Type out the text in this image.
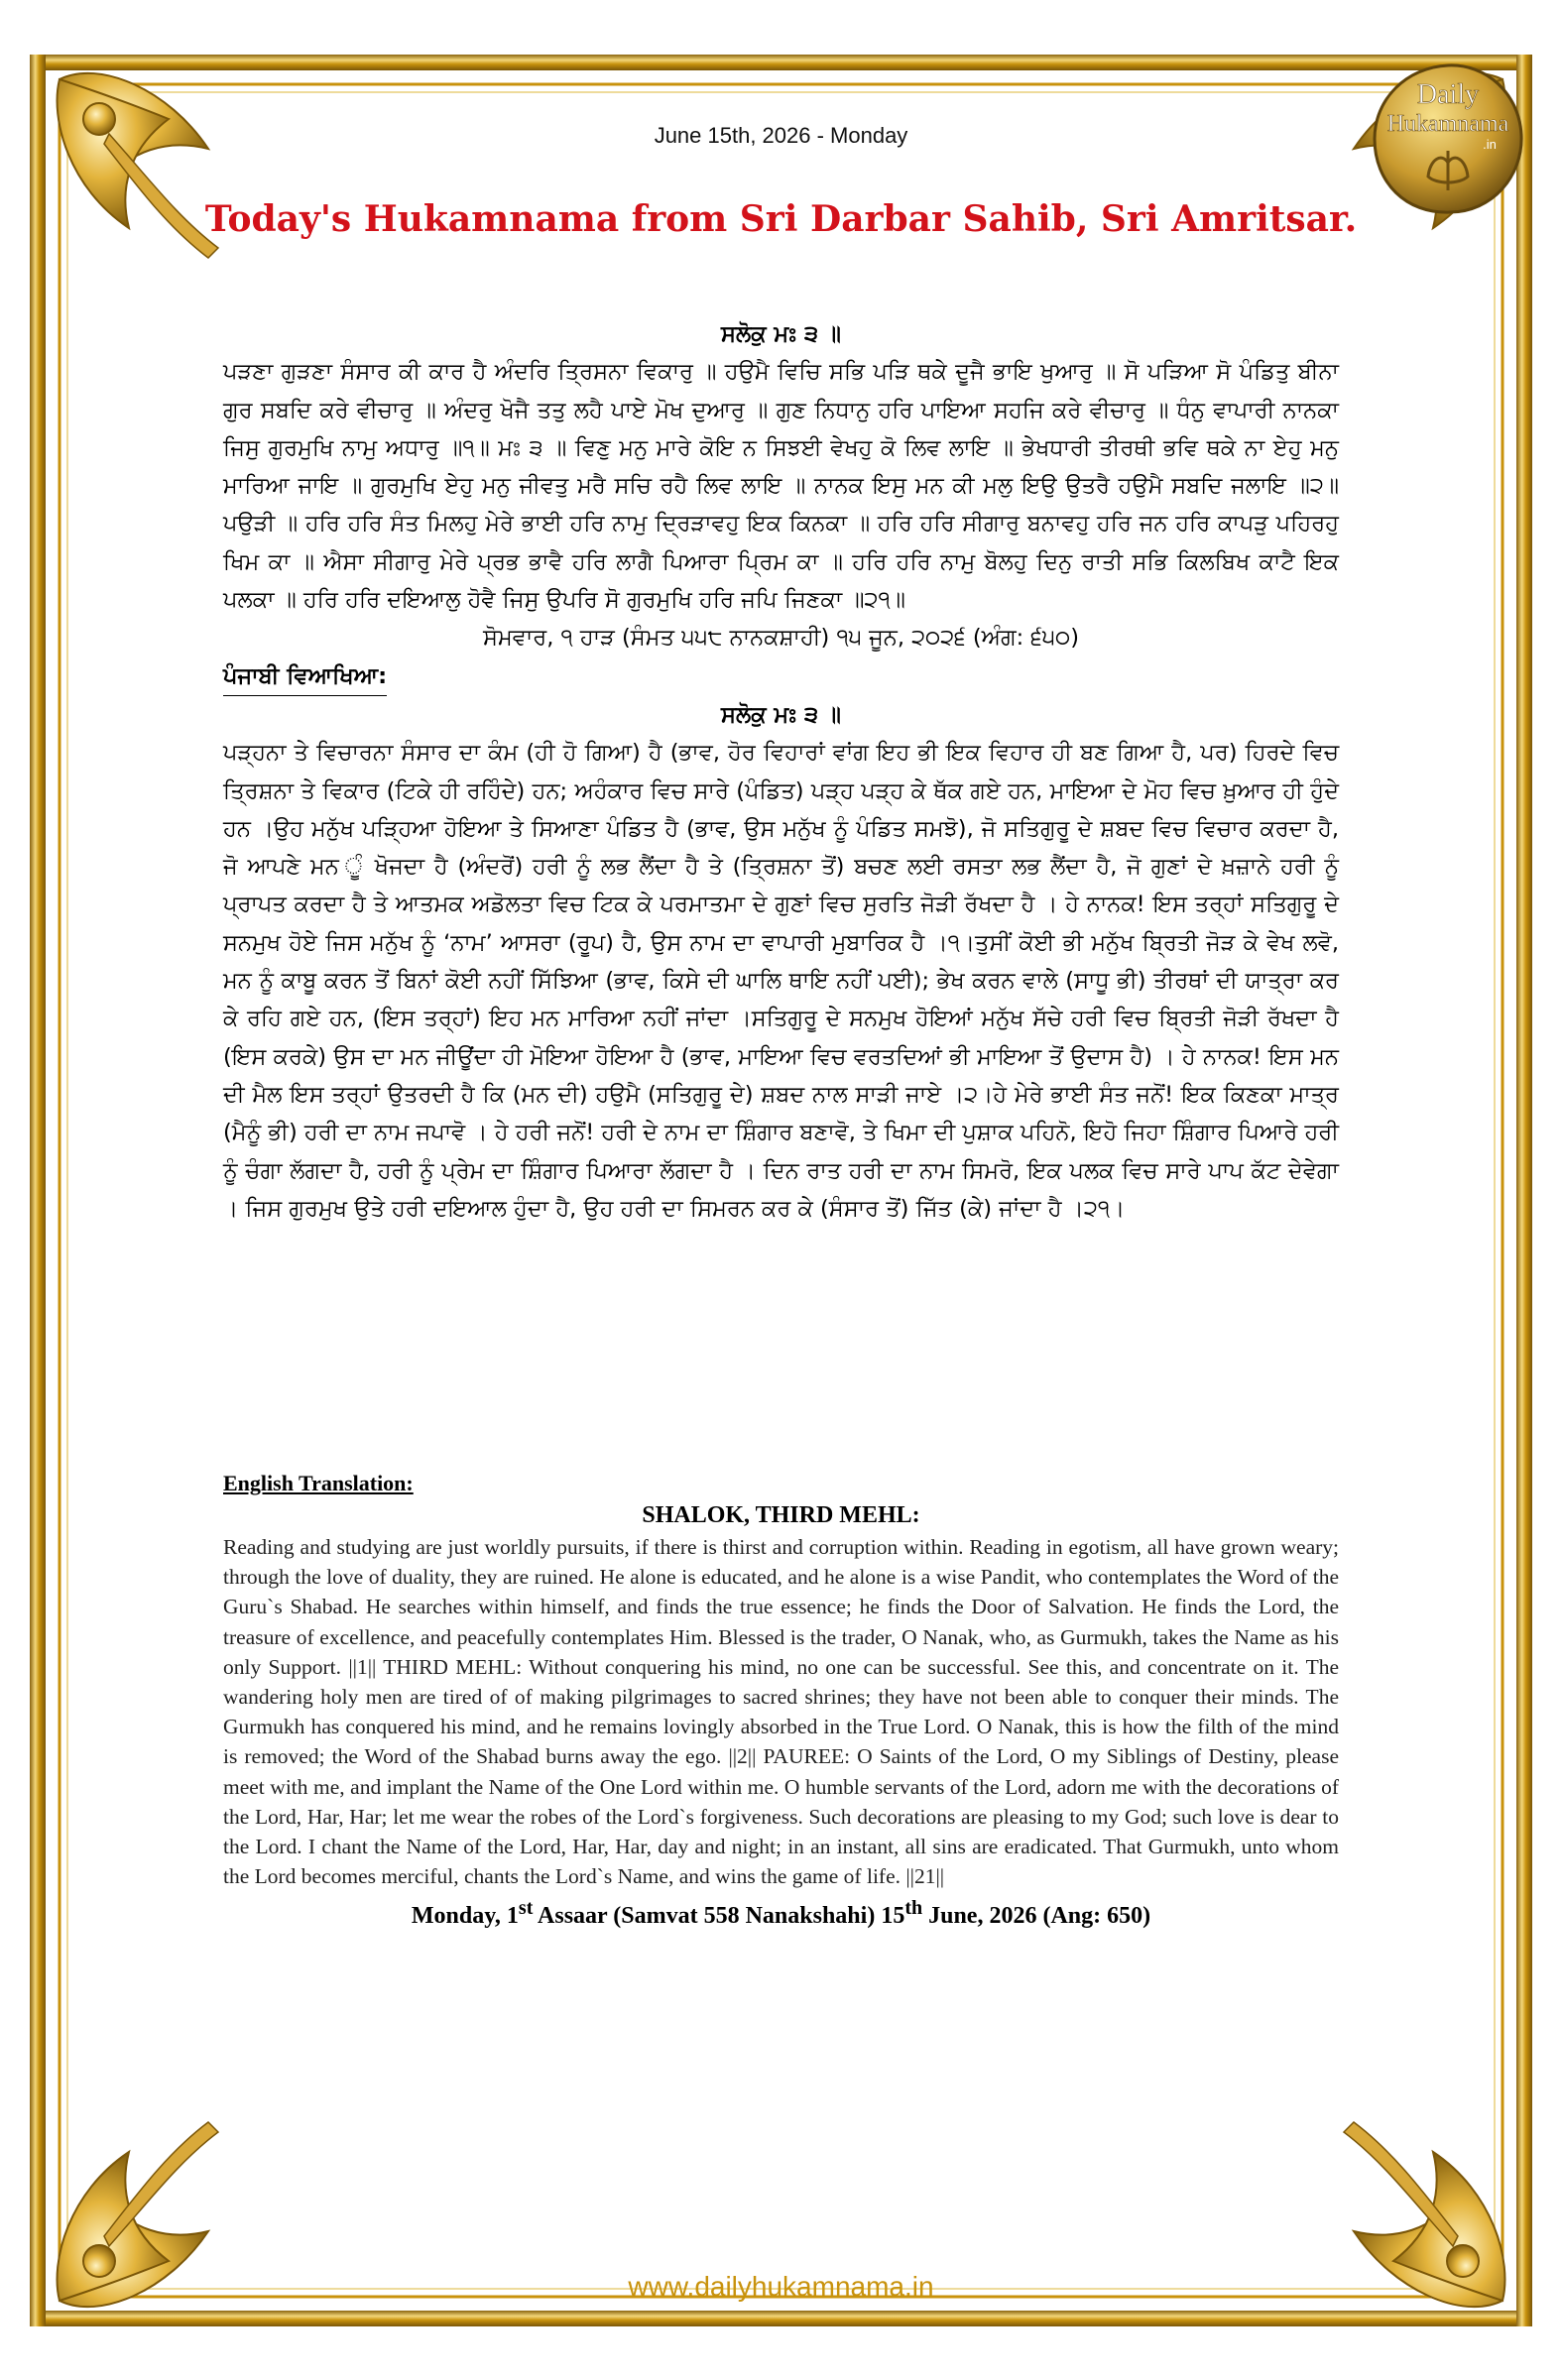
Daily
Hukamnama
.in
June 15th, 2026 - Monday
Today's Hukamnama from Sri Darbar Sahib, Sri Amritsar.

ਸਲੋਕੁ ਮਃ ੩ ॥

ਪੜਣਾ ਗੁੜਣਾ ਸੰਸਾਰ ਕੀ ਕਾਰ ਹੈ ਅੰਦਰਿ ਤ੍ਰਿਸਨਾ ਵਿਕਾਰੁ ॥ ਹਉਮੈ ਵਿਚਿ ਸਭਿ ਪੜਿ ਥਕੇ ਦੂਜੈ ਭਾਇ ਖੁਆਰੁ ॥ ਸੋ ਪੜਿਆ ਸੋ ਪੰਡਿਤੁ ਬੀਨਾ ਗੁਰ ਸਬਦਿ ਕਰੇ ਵੀਚਾਰੁ ॥ ਅੰਦਰੁ ਖੋਜੈ ਤਤੁ ਲਹੈ ਪਾਏ ਮੋਖ ਦੁਆਰੁ ॥ ਗੁਣ ਨਿਧਾਨੁ ਹਰਿ ਪਾਇਆ ਸਹਜਿ ਕਰੇ ਵੀਚਾਰੁ ॥ ਧੰਨੁ ਵਾਪਾਰੀ ਨਾਨਕਾ ਜਿਸੁ ਗੁਰਮੁਖਿ ਨਾਮੁ ਅਧਾਰੁ ॥੧॥ ਮਃ ੩ ॥ ਵਿਣੁ ਮਨੁ ਮਾਰੇ ਕੋਇ ਨ ਸਿਝਈ ਵੇਖਹੁ ਕੋ ਲਿਵ ਲਾਇ ॥ ਭੇਖਧਾਰੀ ਤੀਰਥੀ ਭਵਿ ਥਕੇ ਨਾ ਏਹੁ ਮਨੁ ਮਾਰਿਆ ਜਾਇ ॥ ਗੁਰਮੁਖਿ ਏਹੁ ਮਨੁ ਜੀਵਤੁ ਮਰੈ ਸਚਿ ਰਹੈ ਲਿਵ ਲਾਇ ॥ ਨਾਨਕ ਇਸੁ ਮਨ ਕੀ ਮਲੁ ਇਉ ਉਤਰੈ ਹਉਮੈ ਸਬਦਿ ਜਲਾਇ ॥੨॥ ਪਉੜੀ ॥ ਹਰਿ ਹਰਿ ਸੰਤ ਮਿਲਹੁ ਮੇਰੇ ਭਾਈ ਹਰਿ ਨਾਮੁ ਦ੍ਰਿੜਾਵਹੁ ਇਕ ਕਿਨਕਾ ॥ ਹਰਿ ਹਰਿ ਸੀਗਾਰੁ ਬਨਾਵਹੁ ਹਰਿ ਜਨ ਹਰਿ ਕਾਪੜੁ ਪਹਿਰਹੁ ਖਿਮ ਕਾ ॥ ਐਸਾ ਸੀਗਾਰੁ ਮੇਰੇ ਪ੍ਰਭ ਭਾਵੈ ਹਰਿ ਲਾਗੈ ਪਿਆਰਾ ਪ੍ਰਿਮ ਕਾ ॥ ਹਰਿ ਹਰਿ ਨਾਮੁ ਬੋਲਹੁ ਦਿਨੁ ਰਾਤੀ ਸਭਿ ਕਿਲਬਿਖ ਕਾਟੈ ਇਕ ਪਲਕਾ ॥ ਹਰਿ ਹਰਿ ਦਇਆਲੁ ਹੋਵੈ ਜਿਸੁ ਉਪਰਿ ਸੋ ਗੁਰਮੁਖਿ ਹਰਿ ਜਪਿ ਜਿਣਕਾ ॥੨੧॥

ਸੋਮਵਾਰ, ੧ ਹਾੜ (ਸੰਮਤ ੫੫੮ ਨਾਨਕਸ਼ਾਹੀ) ੧੫ ਜੂਨ, ੨੦੨੬ (ਅੰਗ: ੬੫੦)

ਪੰਜਾਬੀ ਵਿਆਖਿਆ:

ਸਲੋਕੁ ਮਃ ੩ ॥

ਪੜ੍ਹਨਾ ਤੇ ਵਿਚਾਰਨਾ ਸੰਸਾਰ ਦਾ ਕੰਮ (ਹੀ ਹੋ ਗਿਆ) ਹੈ (ਭਾਵ, ਹੋਰ ਵਿਹਾਰਾਂ ਵਾਂਗ ਇਹ ਭੀ ਇਕ ਵਿਹਾਰ ਹੀ ਬਣ ਗਿਆ ਹੈ, ਪਰ) ਹਿਰਦੇ ਵਿਚ ਤ੍ਰਿਸ਼ਨਾ ਤੇ ਵਿਕਾਰ (ਟਿਕੇ ਹੀ ਰਹਿੰਦੇ) ਹਨ; ਅਹੰਕਾਰ ਵਿਚ ਸਾਰੇ (ਪੰਡਿਤ) ਪੜ੍ਹ ਪੜ੍ਹ ਕੇ ਥੱਕ ਗਏ ਹਨ, ਮਾਇਆ ਦੇ ਮੋਹ ਵਿਚ ਖ਼ੁਆਰ ਹੀ ਹੁੰਦੇ ਹਨ ।ਉਹ ਮਨੁੱਖ ਪੜ੍ਹਿਆ ਹੋਇਆ ਤੇ ਸਿਆਣਾ ਪੰਡਿਤ ਹੈ (ਭਾਵ, ਉਸ ਮਨੁੱਖ ਨੂੰ ਪੰਡਿਤ ਸਮਝੋ), ਜੋ ਸਤਿਗੁਰੂ ਦੇ ਸ਼ਬਦ ਵਿਚ ਵਿਚਾਰ ਕਰਦਾ ਹੈ, ਜੋ ਆਪਣੇ ਮਨ ੂੰ ਖੋਜਦਾ ਹੈ (ਅੰਦਰੋਂ) ਹਰੀ ਨੂੰ ਲਭ ਲੈਂਦਾ ਹੈ ਤੇ (ਤ੍ਰਿਸ਼ਨਾ ਤੋਂ) ਬਚਣ ਲਈ ਰਸਤਾ ਲਭ ਲੈਂਦਾ ਹੈ, ਜੋ ਗੁਣਾਂ ਦੇ ਖ਼ਜ਼ਾਨੇ ਹਰੀ ਨੂੰ ਪ੍ਰਾਪਤ ਕਰਦਾ ਹੈ ਤੇ ਆਤਮਕ ਅਡੋਲਤਾ ਵਿਚ ਟਿਕ ਕੇ ਪਰਮਾਤਮਾ ਦੇ ਗੁਣਾਂ ਵਿਚ ਸੁਰਤਿ ਜੋੜੀ ਰੱਖਦਾ ਹੈ । ਹੇ ਨਾਨਕ! ਇਸ ਤਰ੍ਹਾਂ ਸਤਿਗੁਰੂ ਦੇ ਸਨਮੁਖ ਹੋਏ ਜਿਸ ਮਨੁੱਖ ਨੂੰ ‘ਨਾਮ’ ਆਸਰਾ (ਰੂਪ) ਹੈ, ਉਸ ਨਾਮ ਦਾ ਵਾਪਾਰੀ ਮੁਬਾਰਿਕ ਹੈ ।੧।ਤੁਸੀਂ ਕੋਈ ਭੀ ਮਨੁੱਖ ਬ੍ਰਿਤੀ ਜੋੜ ਕੇ ਵੇਖ ਲਵੋ, ਮਨ ਨੂੰ ਕਾਬੂ ਕਰਨ ਤੋਂ ਬਿਨਾਂ ਕੋਈ ਨਹੀਂ ਸਿੱਝਿਆ (ਭਾਵ, ਕਿਸੇ ਦੀ ਘਾਲਿ ਥਾਇ ਨਹੀਂ ਪਈ); ਭੇਖ ਕਰਨ ਵਾਲੇ (ਸਾਧੂ ਭੀ) ਤੀਰਥਾਂ ਦੀ ਯਾਤ੍ਰਾ ਕਰ ਕੇ ਰਹਿ ਗਏ ਹਨ, (ਇਸ ਤਰ੍ਹਾਂ) ਇਹ ਮਨ ਮਾਰਿਆ ਨਹੀਂ ਜਾਂਦਾ ।ਸਤਿਗੁਰੂ ਦੇ ਸਨਮੁਖ ਹੋਇਆਂ ਮਨੁੱਖ ਸੱਚੇ ਹਰੀ ਵਿਚ ਬ੍ਰਿਤੀ ਜੋੜੀ ਰੱਖਦਾ ਹੈ (ਇਸ ਕਰਕੇ) ਉਸ ਦਾ ਮਨ ਜੀਊਂਦਾ ਹੀ ਮੋਇਆ ਹੋਇਆ ਹੈ (ਭਾਵ, ਮਾਇਆ ਵਿਚ ਵਰਤਦਿਆਂ ਭੀ ਮਾਇਆ ਤੋਂ ਉਦਾਸ ਹੈ) । ਹੇ ਨਾਨਕ! ਇਸ ਮਨ ਦੀ ਮੈਲ ਇਸ ਤਰ੍ਹਾਂ ਉਤਰਦੀ ਹੈ ਕਿ (ਮਨ ਦੀ) ਹਉਮੈ (ਸਤਿਗੁਰੂ ਦੇ) ਸ਼ਬਦ ਨਾਲ ਸਾੜੀ ਜਾਏ ।੨।ਹੇ ਮੇਰੇ ਭਾਈ ਸੰਤ ਜਨੋਂ! ਇਕ ਕਿਣਕਾ ਮਾਤ੍ਰ (ਮੈਨੂੰ ਭੀ) ਹਰੀ ਦਾ ਨਾਮ ਜਪਾਵੋ । ਹੇ ਹਰੀ ਜਨੋਂ! ਹਰੀ ਦੇ ਨਾਮ ਦਾ ਸ਼ਿੰਗਾਰ ਬਣਾਵੋ, ਤੇ ਖਿਮਾ ਦੀ ਪੁਸ਼ਾਕ ਪਹਿਨੋ, ਇਹੋ ਜਿਹਾ ਸ਼ਿੰਗਾਰ ਪਿਆਰੇ ਹਰੀ ਨੂੰ ਚੰਗਾ ਲੱਗਦਾ ਹੈ, ਹਰੀ ਨੂੰ ਪ੍ਰੇਮ ਦਾ ਸ਼ਿੰਗਾਰ ਪਿਆਰਾ ਲੱਗਦਾ ਹੈ । ਦਿਨ ਰਾਤ ਹਰੀ ਦਾ ਨਾਮ ਸਿਮਰੋ, ਇਕ ਪਲਕ ਵਿਚ ਸਾਰੇ ਪਾਪ ਕੱਟ ਦੇਵੇਗਾ । ਜਿਸ ਗੁਰਮੁਖ ਉਤੇ ਹਰੀ ਦਇਆਲ ਹੁੰਦਾ ਹੈ, ਉਹ ਹਰੀ ਦਾ ਸਿਮਰਨ ਕਰ ਕੇ (ਸੰਸਾਰ ਤੋਂ) ਜਿੱਤ (ਕੇ) ਜਾਂਦਾ ਹੈ ।੨੧।

English Translation:

SHALOK, THIRD MEHL:

Reading and studying are just worldly pursuits, if there is thirst and corruption within. Reading in egotism, all have grown weary; through the love of duality, they are ruined. He alone is educated, and he alone is a wise Pandit, who contemplates the Word of the Guru`s Shabad. He searches within himself, and finds the true essence; he finds the Door of Salvation. He finds the Lord, the treasure of excellence, and peacefully contemplates Him. Blessed is the trader, O Nanak, who, as Gurmukh, takes the Name as his only Support. ||1|| THIRD MEHL: Without conquering his mind, no one can be successful. See this, and concentrate on it. The wandering holy men are tired of of making pilgrimages to sacred shrines; they have not been able to conquer their minds. The Gurmukh has conquered his mind, and he remains lovingly absorbed in the True Lord. O Nanak, this is how the filth of the mind is removed; the Word of the Shabad burns away the ego. ||2|| PAUREE: O Saints of the Lord, O my Siblings of Destiny, please meet with me, and implant the Name of the One Lord within me. O humble servants of the Lord, adorn me with the decorations of the Lord, Har, Har; let me wear the robes of the Lord`s forgiveness. Such decorations are pleasing to my God; such love is dear to the Lord. I chant the Name of the Lord, Har, Har, day and night; in an instant, all sins are eradicated. That Gurmukh, unto whom the Lord becomes merciful, chants the Lord`s Name, and wins the game of life. ||21||

Monday, 1st Assaar (Samvat 558 Nanakshahi) 15th June, 2026 (Ang: 650)

www.dailyhukamnama.in
